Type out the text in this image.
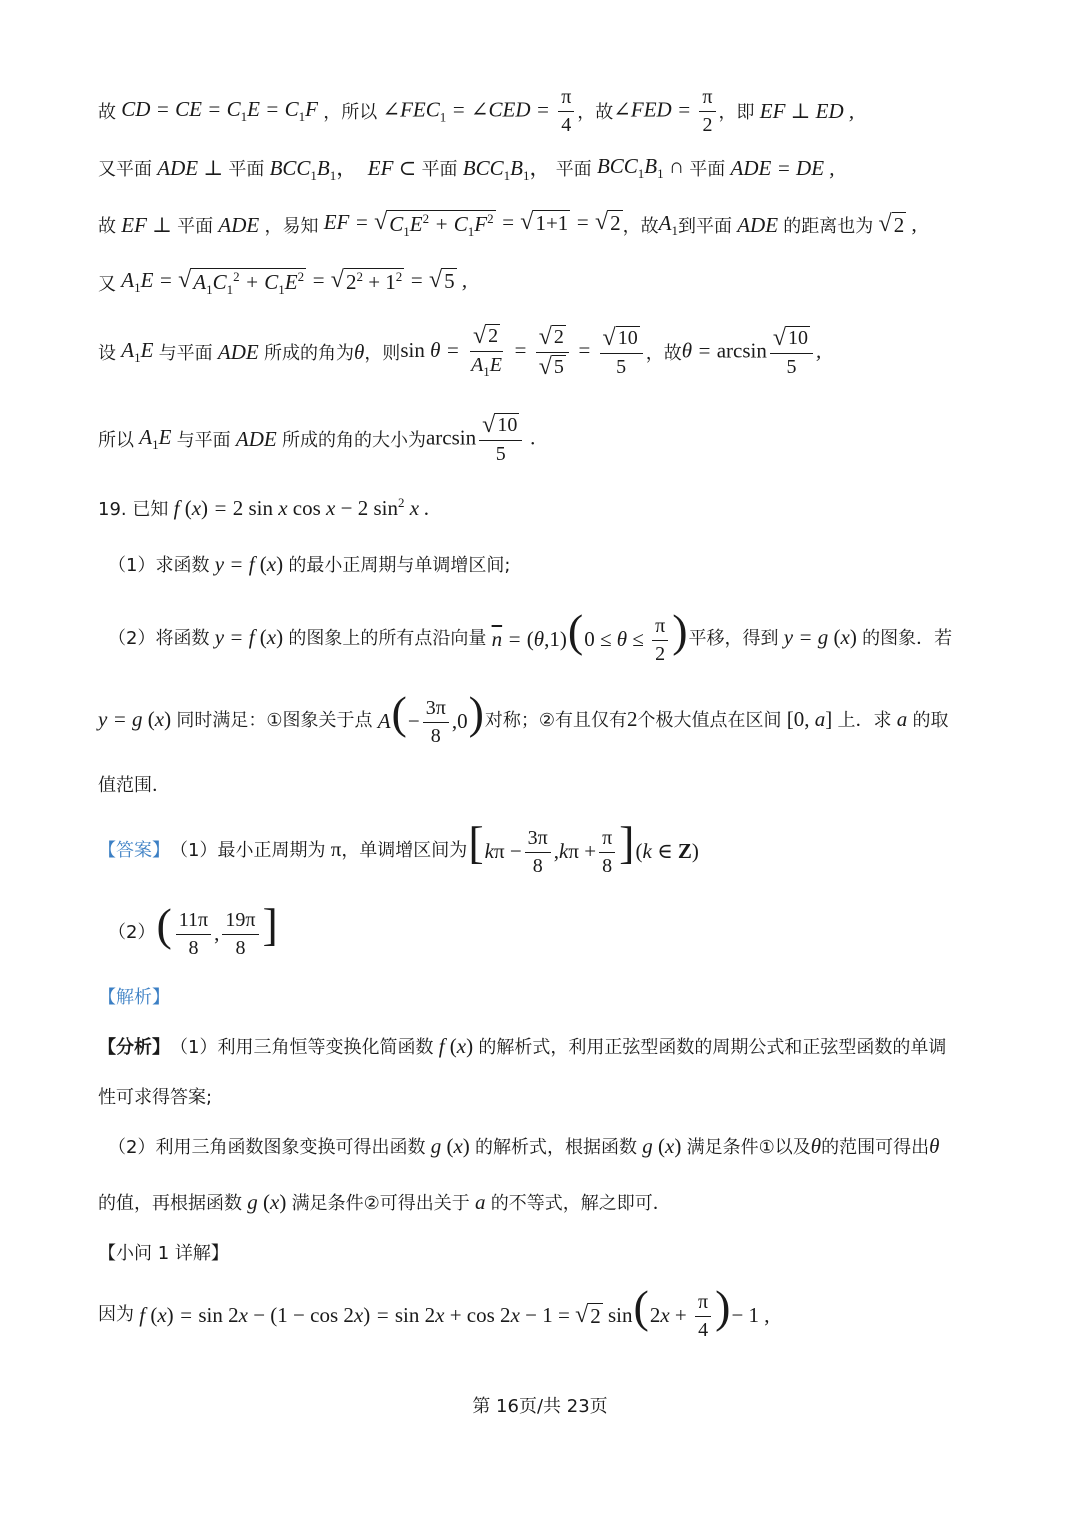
故 CD = CE = $C_1E = C_1F$ ，所以 $\angle FEC_1$ = ∠CED = $\frac{\pi}{4}$ ，故 ∠FED = $\frac{\pi}{2}$ ，即 EF ⊥ ED ,
又平面 ADE ⊥ 平面 $BCC_1B_1$，  EF ⊂ 平面 $BCC_1B_1$， 平面 $BCC_1B_1$ ∩ 平面 ADE = DE ,
故 EF ⊥ 平面 ADE ，易知 EF = √ $C_1E^2 + C_1F^2$ = √ 1+1 = √ 2 ，故 $A_1$ 到平面 ADE 的距离也为
√ 2 ,
又 $A_1E$ = √ $A_1C_1^2 + C_1E^2$ = √ $2^2 + 1^2$ = √ 5 ,
设 $A_1E$ 与平面 ADE 所成的角为 θ ，则 $\sin \theta = \frac{√ 2}{A_1E} = \frac{√ 2}{√ 5} = \frac{√ 10}{5}$ ，故 $\theta = \arcsin \frac{√ 10}{5}$ ,
所以 $A_1E$ 与平面 ADE 所成的角的大小为 $\arcsin \frac{√ 10}{5}$ .
19. 已知 f (x) = 2 sin x cos x − 2 $\sin^2 x$ .
（1）求函数 y = f (x) 的最小正周期与单调增区间;
（2）将函数 y = f (x) 的图象上的所有点沿向量 $\overline{n} = (\theta,1)(0 \le \theta \le \frac{\pi}{2}$ ) 平移，得到 y = g (x) 的图象．若
y = g (x) 同时满足：①图象关于点 $A(- \frac{3\pi}{8} ,0)$ 对称；②有且仅有 2 个极大值点在区间 [0, a] 上．求 a 的取
值范围．
【答案】 （1）最小正周期为 π ，单调增区间为 $[k\pi - \frac{3\pi}{8} ,k\pi + \frac{\pi}{8} ](k$ ∈ Z)
（2） ( $\frac{11\pi}{8}$ , $\frac{19\pi}{8}$ ]
【解析】
【分析】 （1）利用三角恒等变换化简函数 f (x) 的解析式，利用正弦型函数的周期公式和正弦型函数的单调
性可求得答案;
（2）利用三角函数图象变换可得出函数 g (x) 的解析式，根据函数 g (x) 满足条件①以及 θ 的范围可得出 θ
的值，再根据函数 g (x) 满足条件②可得出关于 a 的不等式，解之即可．
【小问 1 详解】
因为 f (x) = sin 2x − (1 − cos 2x) = sin 2x + cos 2x − 1 = √ 2 $\sin(2x + \frac{\pi}{4}$ )− 1 ,
第 16页/共 23页
